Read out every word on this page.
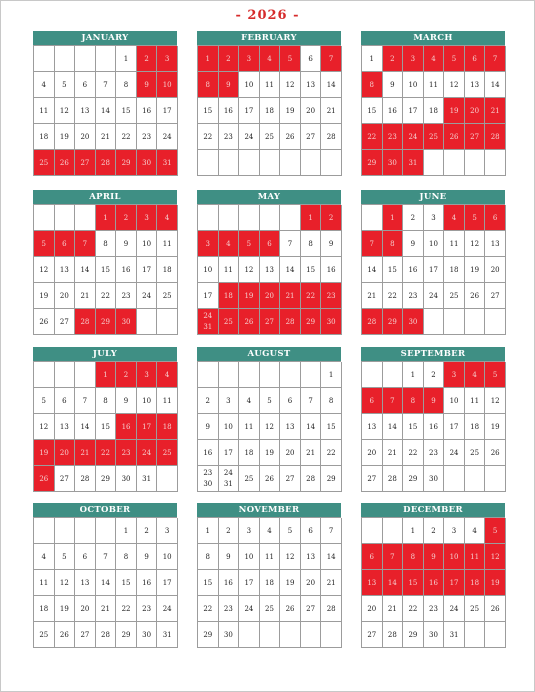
- 2026 -
JANUARY
1 2 3
4 5 6 7 8 9 10
11 12 13 14 15 16 17
18 19 20 21 22 23 24
25 26 27 28 29 30 31
FEBRUARY
1 2 3 4 5 6 7
8 9 10 11 12 13 14
15 16 17 18 19 20 21
22 23 24 25 26 27 28
MARCH
1 2 3 4 5 6 7
8 9 10 11 12 13 14
15 16 17 18 19 20 21
22 23 24 25 26 27 28
29 30 31
APRIL
1 2 3 4
5 6 7 8 9 10 11
12 13 14 15 16 17 18
19 20 21 22 23 24 25
26 27 28 29 30
MAY
1 2
3 4 5 6 7 8 9
10 11 12 13 14 15 16
17 18 19 20 21 22 23
24
31
25 26 27 28 29 30
JUNE
1 2 3 4 5 6
7 8 9 10 11 12 13
14 15 16 17 18 19 20
21 22 23 24 25 26 27
28 29 30
JULY
1 2 3 4
5 6 7 8 9 10 11
12 13 14 15 16 17 18
19 20 21 22 23 24 25
26 27 28 29 30 31
AUGUST
1
2 3 4 5 6 7 8
9 10 11 12 13 14 15
16 17 18 19 20 21 22
23
30
24
31
25 26 27 28 29
SEPTEMBER
1 2 3 4 5
6 7 8 9 10 11 12
13 14 15 16 17 18 19
20 21 22 23 24 25 26
27 28 29 30
OCTOBER
1 2 3
4 5 6 7 8 9 10
11 12 13 14 15 16 17
18 19 20 21 22 23 24
25 26 27 28 29 30 31
NOVEMBER
1 2 3 4 5 6 7
8 9 10 11 12 13 14
15 16 17 18 19 20 21
22 23 24 25 26 27 28
29 30
DECEMBER
1 2 3 4 5
6 7 8 9 10 11 12
13 14 15 16 17 18 19
20 21 22 23 24 25 26
27 28 29 30 31
